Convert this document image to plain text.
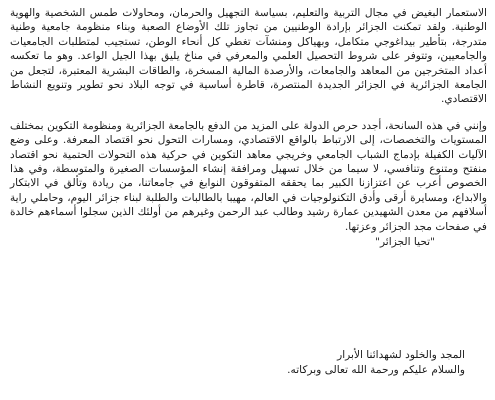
الاستعمار البغيض في مجال التربية والتعليم، بسياسة التجهيل والحرمان، ومحاولات طمس الشخصية والهوية الوطنية. ولقد تمكنت الجزائر بإرادة الوطنيين من تجاوز تلك الأوضاع الصعبة وبناء منظومة جامعية وطنية متدرجة، بتأطير بيداغوجي متكامل، وبهياكل ومنشآت تغطي كل أنحاء الوطن، تستجيب لمتطلبات الجامعيات والجامعيين، وتتوفر على شروط التحصيل العلمي والمعرفي في مناخ يليق بهذا الجيل الواعد. وهو ما تعكسه أعداد المتخرجين من المعاهد والجامعات، والأرصدة المالية المسخرة، والطاقات البشرية المعتبرة، لتجعل من الجامعة الجزائرية في الجزائر الجديدة المنتصرة، قاطرة أساسية في توجه البلاد نحو تطوير وتنويع النشاط الاقتصادي.

وإنني في هذه السانحة، أجدد حرص الدولة على المزيد من الدفع بالجامعة الجزائرية ومنظومة التكوين بمختلف المستويات والتخصصات، إلى الارتباط بالواقع الاقتصادي، ومسارات التحول نحو اقتصاد المعرفة. وعلى وضع الآليات الكفيلة بإدماج الشباب الجامعي وخريجي معاهد التكوين في حركية هذه التحولات الحتمية نحو اقتصاد منفتح ومتنوع وتنافسي، لا سيما من خلال تسهيل ومرافقة إنشاء المؤسسات الصغيرة والمتوسطة، وفي هذا الخصوص أعرب عن اعتزازنا الكبير بما يحققه المتفوقون النوابغ في جامعاتنا، من ريادة وتألق في الابتكار والابداع، ومسايرة أرقى وأدق التكنولوجيات في العالم، مهيبا بالطالبات والطلبة لبناء جزائر اليوم، وحاملي راية أسلافهم من معدن الشهيدين عمارة رشيد وطالب عبد الرحمن وغيرهم من أولئك الذين سجلوا أسماءهم خالدة في صفحات مجد الجزائر وعزتها.

"تحيا الجزائر"

المجد والخلود لشهدائنا الأبرار

والسلام عليكم ورحمة الله تعالى وبركاته.
